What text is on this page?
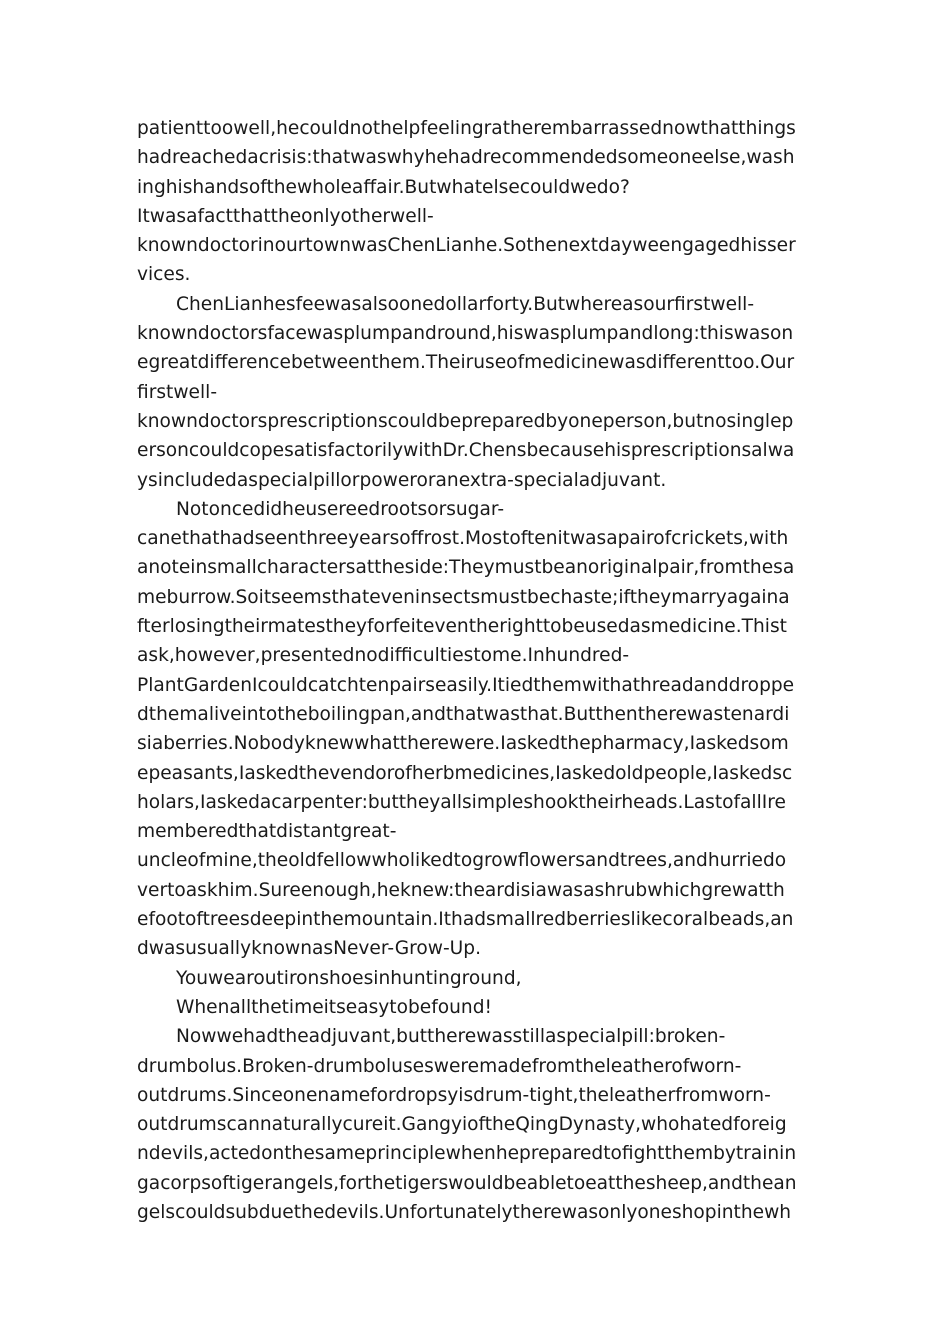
patienttoowell,hecouldnothelpfeelingratherembarrassednowthatthings
hadreachedacrisis:thatwaswhyhehadrecommendedsomeoneelse,wash
inghishandsofthewholeaffair.Butwhatelsecouldwedo?
Itwasafactthattheonlyotherwell-
knowndoctorinourtownwasChenLianhe.Sothenextdayweengagedhisser
vices.
ChenLianhesfeewasalsoonedollarforty.Butwhereasourfirstwell-
knowndoctorsfacewasplumpandround,hiswasplumpandlong:thiswason
egreatdifferencebetweenthem.Theiruseofmedicinewasdifferenttoo.Our
firstwell-
knowndoctorsprescriptionscouldbepreparedbyoneperson,butnosinglep
ersoncouldcopesatisfactorilywithDr.Chensbecausehisprescriptionsalwa
ysincludedaspecialpillorpoweroranextra-specialadjuvant.
Notoncedidheusereedrootsorsugar-
canethathadseenthreeyearsoffrost.Mostoftenitwasapairofcrickets,with
anoteinsmallcharactersattheside:Theymustbeanoriginalpair,fromthesa
meburrow.Soitseemsthateveninsectsmustbechaste;iftheymarryagaina
fterlosingtheirmatestheyforfeiteventherighttobeusedasmedicine.Thist
ask,however,presentednodifficultiestome.Inhundred-
PlantGardenIcouldcatchtenpairseasily.Itiedthemwithathreadanddroppe
dthemaliveintotheboilingpan,andthatwasthat.Butthentherewastenardi
siaberries.Nobodyknewwhattherewere.Iaskedthepharmacy,Iaskedsom
epeasants,Iaskedthevendorofherbmedicines,Iaskedoldpeople,Iaskedsc
holars,Iaskedacarpenter:buttheyallsimpleshooktheirheads.LastofallIre
memberedthatdistantgreat-
uncleofmine,theoldfellowwholikedtogrowflowersandtrees,andhurriedo
vertoaskhim.Sureenough,heknew:theardisiawasashrubwhichgrewatth
efootoftreesdeepinthemountain.Ithadsmallredberrieslikecoralbeads,an
dwasusuallyknownasNever-Grow-Up.
Youwearoutironshoesinhuntinground,
Whenallthetimeitseasytobefound!
Nowwehadtheadjuvant,buttherewasstillaspecialpill:broken-
drumbolus.Broken-drumbolusesweremadefromtheleatherofworn-
outdrums.Sinceonenamefordropsyisdrum-tight,theleatherfromworn-
outdrumscannaturallycureit.GangyioftheQingDynasty,whohatedforeig
ndevils,actedonthesameprinciplewhenhepreparedtofightthembytrainin
gacorpsoftigerangels,forthetigerswouldbeabletoeatthesheep,andthean
gelscouldsubduethedevils.Unfortunatelytherewasonlyoneshopinthewh
